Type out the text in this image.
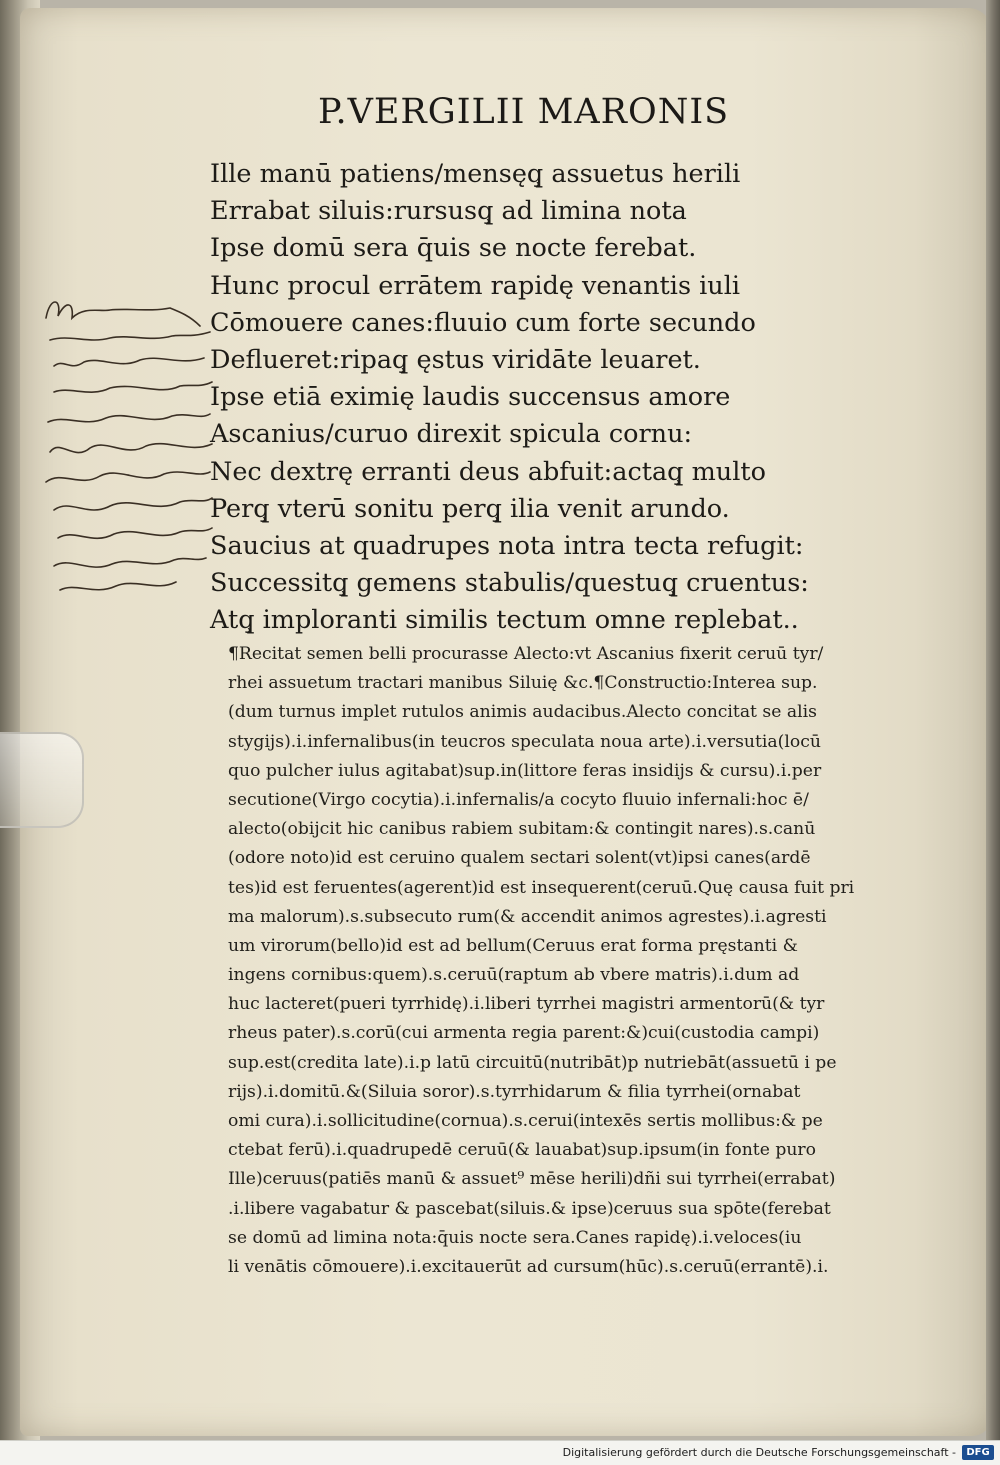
P.VERGILII MARONIS
Ille manū patiens/mensęq̧ assuetus herili
Errabat siluis:rursusq̧ ad limina nota
Ipse domū sera q̄uis se nocte ferebat.
Hunc procul errātem rapidę venantis iuli
Cōmouere canes:fluuio cum forte secundo
Deflueret:ripaq̧ ęstus viridāte leuaret.
Ipse etiā eximię laudis succensus amore
Ascanius/curuo direxit spicula cornu:
Nec dextrę erranti deus abfuit:actaq̧ multo
Perq̧ vterū sonitu perq̧ ilia venit arundo.
Saucius at quadrupes nota intra tecta refugit:
Successitq̧ gemens stabulis/questuq̧ cruentus:
Atq̧ imploranti similis tectum omne replebat..
¶Recitat semen belli procurasse Alecto:vt Ascanius fixerit ceruū tyr/
rhei assuetum tractari manibus Siluię &c.¶Constructio:Interea sup.
(dum turnus implet rutulos animis audacibus.Alecto concitat se alis
stygijs).i.infernalibus(in teucros speculata noua arte).i.versutia(locū
quo pulcher iulus agitabat)sup.in(littore feras insidijs & cursu).i.per
secutione(Virgo cocytia).i.infernalis/a cocyto fluuio infernali:hoc ē/
alecto(obijcit hic canibus rabiem subitam:& contingit nares).s.canū
(odore noto)id est ceruino qualem sectari solent(vt)ipsi canes(ardē
tes)id est feruentes(agerent)id est insequerent(ceruū.Quę causa fuit pri
ma malorum).s.subsecuto rum(& accendit animos agrestes).i.agresti
um virorum(bello)id est ad bellum(Ceruus erat forma pręstanti &
ingens cornibus:quem).s.ceruū(raptum ab vbere matris).i.dum ad
huc lacteret(pueri tyrrhidę).i.liberi tyrrhei magistri armentorū(& tyr
rheus pater).s.corū(cui armenta regia parent:&)cui(custodia campi)
sup.est(credita late).i.p latū circuitū(nutribāt)p nutriebāt(assuetū i pe
rijs).i.domitū.&(Siluia soror).s.tyrrhidarum & filia tyrrhei(ornabat
omi cura).i.sollicitudine(cornua).s.cerui(intexēs sertis mollibus:& pe
ctebat ferū).i.quadrupedē ceruū(& lauabat)sup.ipsum(in fonte puro
Ille)ceruus(patiēs manū & assuet⁹ mēse herili)dñi sui tyrrhei(errabat)
.i.libere vagabatur & pascebat(siluis.& ipse)ceruus sua spōte(ferebat
se domū ad limina nota:q̄uis nocte sera.Canes rapidę).i.veloces(iu
li venātis cōmouere).i.excitauerūt ad cursum(hūc).s.ceruū(errantē).i.
Digitalisierung gefördert durch die Deutsche Forschungsgemeinschaft -	DFG
